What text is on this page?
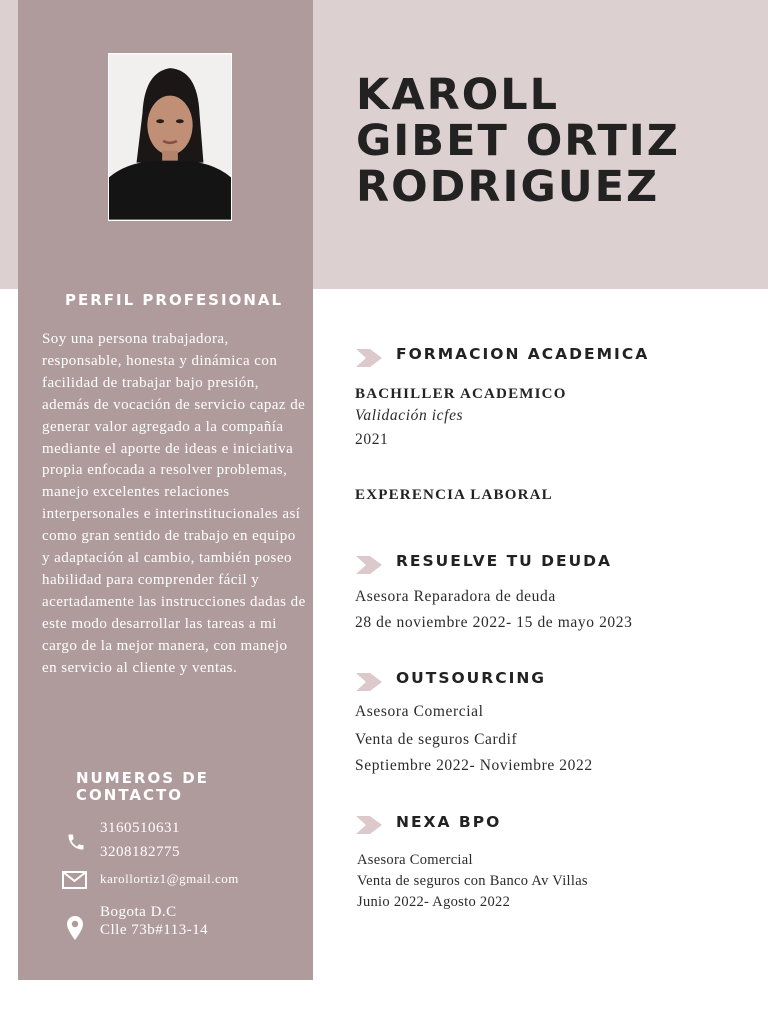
KAROLL
GIBET ORTIZ
RODRIGUEZ
PERFIL PROFESIONAL

Soy una persona trabajadora, responsable, honesta y dinámica con facilidad de trabajar bajo presión, además de vocación de servicio capaz de generar valor agregado a la compañía mediante el aporte de ideas e iniciativa propia enfocada a resolver problemas, manejo excelentes relaciones interpersonales e interinstitucionales así como gran sentido de trabajo en equipo y adaptación al cambio, también poseo habilidad para comprender fácil y acertadamente las instrucciones dadas de este modo desarrollar las tareas a mi cargo de la mejor manera, con manejo en servicio al cliente y ventas.

NUMEROS DE
CONTACTO

3160510631

3208182775

karollortiz1@gmail.com

Bogota D.C

Clle 73b#113-14

FORMACION ACADEMICA
BACHILLER ACADEMICO

Validación icfes

2021

EXPERENCIA LABORAL
RESUELVE TU DEUDA

Asesora Reparadora de deuda

28 de noviembre 2022- 15 de mayo 2023

OUTSOURCING

Asesora Comercial

Venta de seguros Cardif

Septiembre 2022- Noviembre 2022

NEXA BPO

Asesora Comercial

Venta de seguros con Banco Av Villas

Junio 2022- Agosto 2022
